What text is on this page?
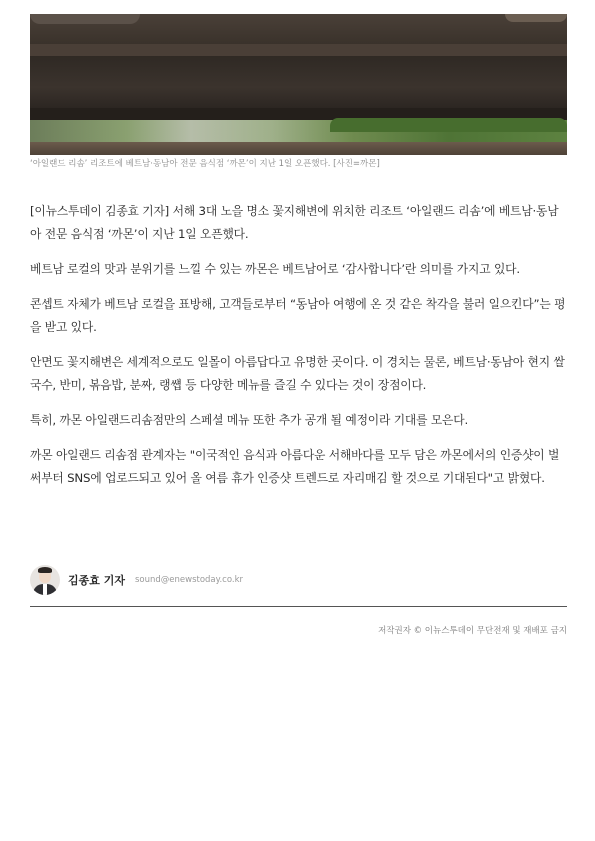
‘아일랜드 리솜’ 리조트에 베트남·동남아 전문 음식점 ‘까몬’이 지난 1일 오픈했다. [사진=까몬]

[이뉴스투데이 김종효 기자] 서해 3대 노을 명소 꽃지해변에 위치한 리조트 ‘아일랜드 리솜’에 베트남·동남아 전문 음식점 ‘까몬’이 지난 1일 오픈했다.

베트남 로컬의 맛과 분위기를 느낄 수 있는 까몬은 베트남어로 ‘감사합니다’란 의미를 가지고 있다.

콘셉트 자체가 베트남 로컬을 표방해, 고객들로부터 “동남아 여행에 온 것 같은 착각을 불러 일으킨다”는 평을 받고 있다.

안면도 꽃지해변은 세계적으로도 일몰이 아름답다고 유명한 곳이다. 이 경치는 물론, 베트남·동남아 현지 쌀국수, 반미, 볶음밥, 분짜, 랭썝 등 다양한 메뉴를 즐길 수 있다는 것이 장점이다.

특히, 까몬 아일랜드리솜점만의 스페셜 메뉴 또한 추가 공개 될 예정이라 기대를 모은다.

까몬 아일랜드 리솜점 관계자는 "이국적인 음식과 아름다운 서해바다를 모두 담은 까몬에서의 인증샷이 벌써부터 SNS에 업로드되고 있어 올 여름 휴가 인증샷 트렌드로 자리매김 할 것으로 기대된다"고 밝혔다.

김종효 기자 sound@enewstoday.co.kr
저작권자 © 이뉴스투데이 무단전재 및 재배포 금지
